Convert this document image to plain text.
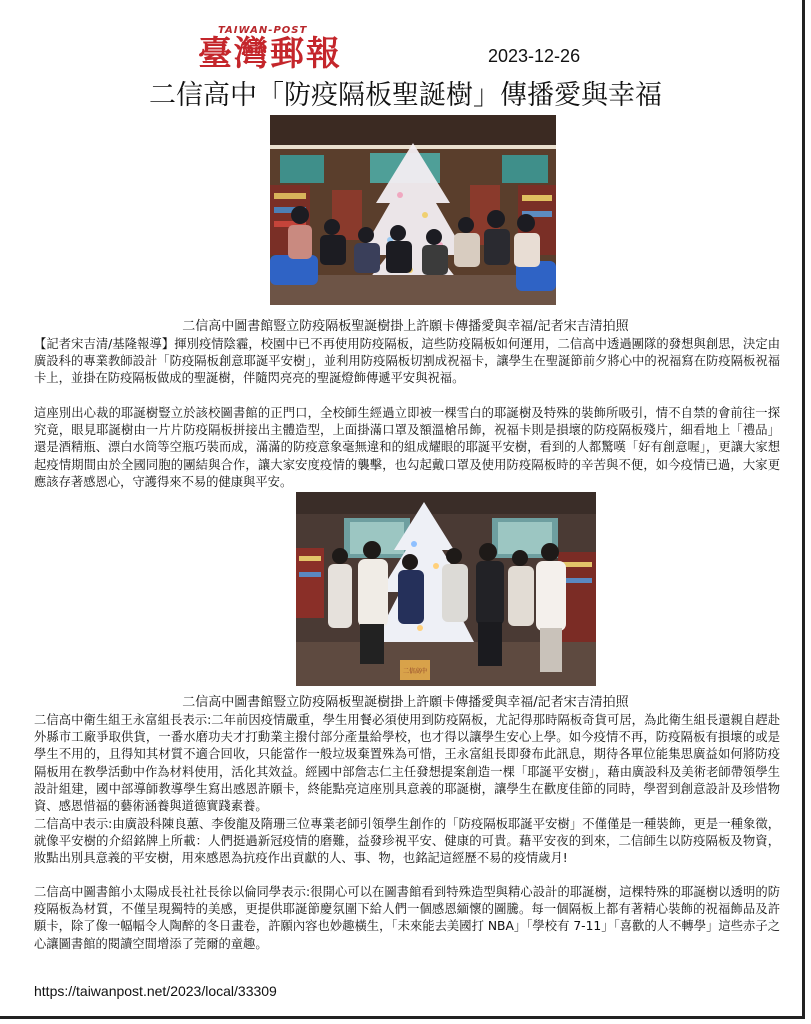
TAIWAN-POST
臺灣郵報	2023-12-26
二信高中「防疫隔板聖誕樹」傳播愛與幸福
二信高中圖書館豎立防疫隔板聖誕樹掛上許願卡傳播愛與幸福/記者宋吉清拍照

【記者宋吉清/基隆報導】揮別疫情陰霾，校園中已不再使用防疫隔板，這些防疫隔板如何運用，二信高中透過團隊的發想與創思，決定由廣設科的專業教師設計「防疫隔板創意耶誕平安樹」，並利用防疫隔板切割成祝福卡，讓學生在聖誕節前夕將心中的祝福寫在防疫隔板祝福卡上，並掛在防疫隔板做成的聖誕樹，伴隨閃亮亮的聖誕燈飾傳遞平安與祝福。

這座別出心裁的耶誕樹豎立於該校圖書館的正門口，全校師生經過立即被一棵雪白的耶誕樹及特殊的裝飾所吸引，情不自禁的會前往一探究竟，眼見耶誕樹由一片片防疫隔板拼接出主體造型，上面掛滿口罩及額溫槍吊飾，祝福卡則是損壞的防疫隔板殘片，細看地上「禮品」還是酒精瓶、漂白水筒等空瓶巧裝而成，滿滿的防疫意象毫無違和的組成耀眼的耶誕平安樹，看到的人都驚嘆「好有創意喔」，更讓大家想起疫情期間由於全國同胞的團結與合作，讓大家安度疫情的襲擊，也勾起戴口罩及使用防疫隔板時的辛苦與不便，如今疫情已過，大家更應該存著感恩心，守護得來不易的健康與平安。

二信高中
二信高中圖書館豎立防疫隔板聖誕樹掛上許願卡傳播愛與幸福/記者宋吉清拍照

二信高中衛生組王永富組長表示:二年前因疫情嚴重，學生用餐必須使用到防疫隔板，尤記得那時隔板奇貨可居，為此衛生組長還親自趕赴外縣市工廠爭取供貨，一番水磨功夫才打動業主撥付部分產量給學校，也才得以讓學生安心上學。如今疫情不再，防疫隔板有損壞的或是學生不用的，且得知其材質不適合回收，只能當作一般垃圾棄置殊為可惜，王永富組長即發布此訊息，期待各單位能集思廣益如何將防疫隔板用在教學活動中作為材料使用，活化其效益。經國中部詹志仁主任發想提案創造一棵「耶誕平安樹」，藉由廣設科及美術老師帶領學生設計組建，國中部導師教導學生寫出感恩許願卡，終能點亮這座別具意義的耶誕樹，讓學生在歡度佳節的同時，學習到創意設計及珍惜物資、感恩惜福的藝術涵養與道德實踐素養。

二信高中表示:由廣設科陳良蕙、李俊龍及隋珊三位專業老師引領學生創作的「防疫隔板耶誕平安樹」不僅僅是一種裝飾，更是一種象徵，就像平安樹的介紹銘牌上所載：人們挺過新冠疫情的磨難，益發珍視平安、健康的可貴。藉平安夜的到來，二信師生以防疫隔板及物資，妝點出別具意義的平安樹，用來感恩為抗疫作出貢獻的人、事、物，也銘記這經歷不易的疫情歲月!

二信高中圖書館小太陽成長社社長徐以倫同學表示:很開心可以在圖書館看到特殊造型與精心設計的耶誕樹，這棵特殊的耶誕樹以透明的防疫隔板為材質，不僅呈現獨特的美感，更提供耶誕節慶氛圍下給人們一個感恩緬懷的圖騰。每一個隔板上都有著精心裝飾的祝福飾品及許願卡，除了像一幅幅令人陶醉的冬日畫卷，許願內容也妙趣橫生，「未來能去美國打 NBA」「學校有 7-11」「喜歡的人不轉學」這些赤子之心讓圖書館的閱讀空間增添了莞爾的童趣。

https://taiwanpost.net/2023/local/33309
